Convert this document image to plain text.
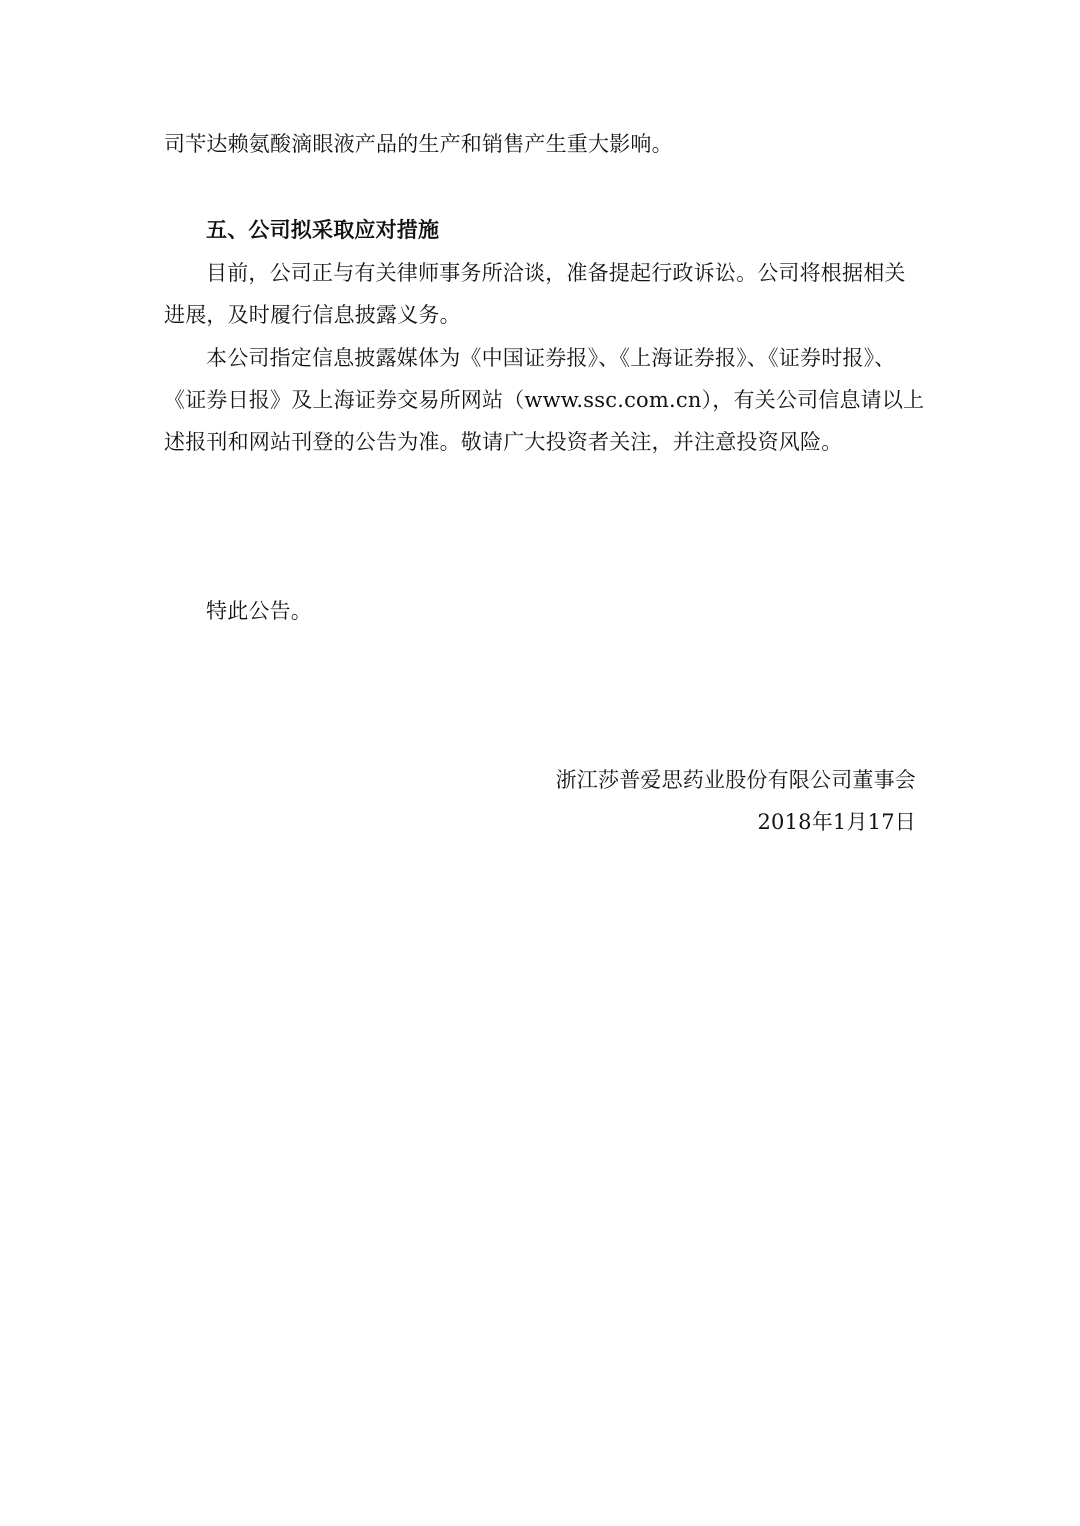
司苄达赖氨酸滴眼液产品的生产和销售产生重大影响。
五、公司拟采取应对措施
目前，公司正与有关律师事务所洽谈，准备提起行政诉讼。公司将根据相关
进展，及时履行信息披露义务。
本公司指定信息披露媒体为《中国证券报》、《上海证券报》、《证券时报》、
《证券日报》及上海证券交易所网站（www.ssc.com.cn），有关公司信息请以上
述报刊和网站刊登的公告为准。敬请广大投资者关注，并注意投资风险。
特此公告。
浙江莎普爱思药业股份有限公司董事会
2018年1月17日
